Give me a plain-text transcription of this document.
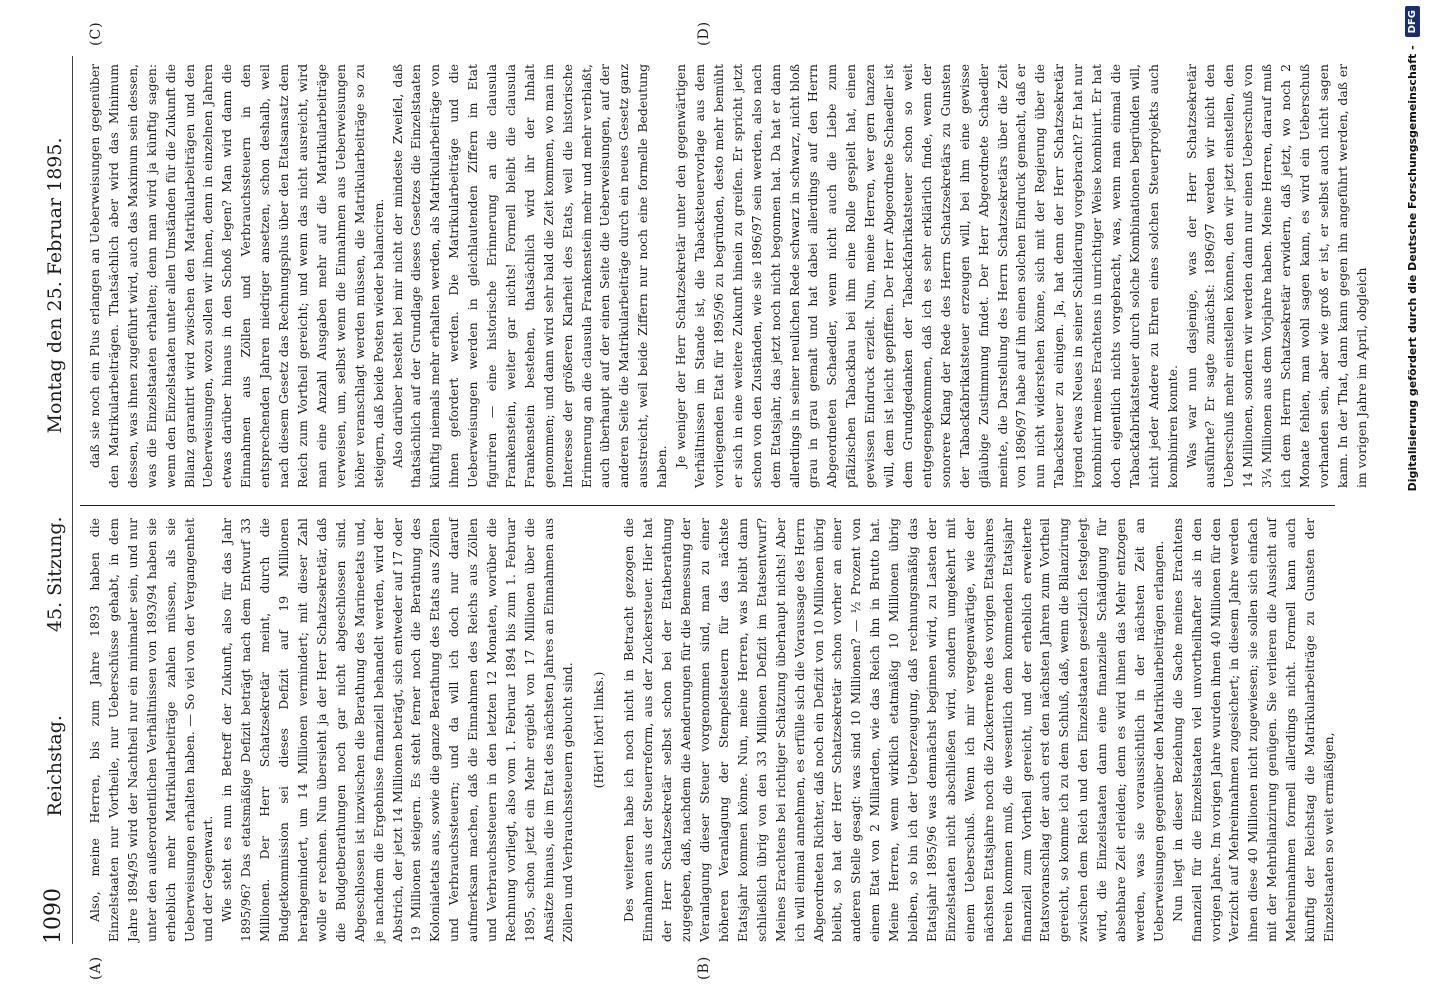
1090
Reichstag.
45. Sitzung.
Montag den 25. Februar 1895.
(A)	(B)
(C)	(D)

Also, meine Herren, bis zum Jahre 1893 haben die Einzelstaaten nur Vortheile, nur Ueberschüsse gehabt, in dem Jahre 1894/95 wird der Nachtheil nur ein minimaler sein, und nur unter den außerordentlichen Verhältnissen von 1893/94 haben sie erheblich mehr Matrikularbeiträge zahlen müssen, als sie Ueberweisungen erhalten haben. — So viel von der Vergangenheit und der Gegenwart. Wie steht es nun in Betreff der Zukunft, also für das Jahr 1895/96? Das etatsmäßige Defizit beträgt nach dem Entwurf 33 Millionen. Der Herr Schatzsekretär meint, durch die Budgetkommission sei dieses Defizit auf 19 Millionen herabgemindert, um 14 Millionen vermindert; mit dieser Zahl wolle er rechnen. Nun übersieht ja der Herr Schatzsekretär, daß die Budgetberathungen noch gar nicht abgeschlossen sind. Abgeschlossen ist inzwischen die Berathung des Marineetats und, je nachdem die Ergebnisse finanziell behandelt werden, wird der Abstrich, der jetzt 14 Millionen beträgt, sich entweder auf 17 oder 19 Millionen steigern. Es steht ferner noch die Berathung des Kolonialetats aus, sowie die ganze Berathung des Etats aus Zöllen und Verbrauchssteuern; und da will ich doch nur darauf aufmerksam machen, daß die Einnahmen des Reichs aus Zöllen und Verbrauchssteuern in den letzten 12 Monaten, worüber die Rechnung vorliegt, also vom 1. Februar 1894 bis zum 1. Februar 1895, schon jetzt ein Mehr ergiebt von 17 Millionen über die Ansätze hinaus, die im Etat des nächsten Jahres an Einnahmen aus Zöllen und Verbrauchssteuern gebucht sind. (Hört! hört! links.) Des weiteren habe ich noch nicht in Betracht gezogen die Einnahmen aus der Steuerreform, aus der Zuckersteuer. Hier hat der Herr Schatzsekretär selbst schon bei der Etatberathung zugegeben, daß, nachdem die Aenderungen für die Bemessung der Veranlagung dieser Steuer vorgenommen sind, man zu einer höheren Veranlagung der Stempelsteuern für das nächste Etatsjahr kommen könne. Nun, meine Herren, was bleibt dann schließlich übrig von den 33 Millionen Defizit im Etatsentwurf? Meines Erachtens bei richtiger Schätzung überhaupt nichts! Aber ich will einmal annehmen, es erfülle sich die Voraussage des Herrn Abgeordneten Richter, daß noch ein Defizit von 10 Millionen übrig bleibt, so hat der Herr Schatzsekretär schon vorher an einer anderen Stelle gesagt: was sind 10 Millionen? — ½ Prozent von einem Etat von 2 Milliarden, wie das Reich ihn in Brutto hat. Meine Herren, wenn wirklich etatmäßig 10 Millionen übrig bleiben, so bin ich der Ueberzeugung, daß rechnungsmäßig das Etatsjahr 1895/96 was demnächst beginnen wird, zu Lasten der Einzelstaaten nicht abschließen wird, sondern umgekehrt mit einem Ueberschuß. Wenn ich mir vergegenwärtige, wie der nächsten Etatsjahre noch die Zuckerrente des vorigen Etatsjahres herein kommen muß, die wesentlich dem kommenden Etatsjahr finanziell zum Vortheil gereicht, und der erheblich erweiterte Etatsvoranschlag der auch erst den nächsten Jahren zum Vortheil gereicht, so komme ich zu dem Schluß, daß, wenn die Bilanzirung zwischen dem Reich und den Einzelstaaten gesetzlich festgelegt wird, die Einzelstaaten dann eine finanzielle Schädigung für absehbare Zeit erleiden; denn es wird ihnen das Mehr entzogen werden, was sie voraussichtlich in der nächsten Zeit an Ueberweisungen gegenüber den Matrikularbeiträgen erlangen. Nun liegt in dieser Beziehung die Sache meines Erachtens finanziell für die Einzelstaaten viel unvortheilhafter als in den vorigen Jahre. Im vorigen Jahre wurden ihnen 40 Millionen für den Verzicht auf Mehreinnahmen zugesichert; in diesem Jahre werden ihnen diese 40 Millionen nicht zugewiesen; sie sollen sich einfach mit der Mehrbilanzirung genügen. Sie verlieren die Aussicht auf Mehreinnahmen formell allerdings nicht. Formell kann auch künftig der Reichstag die Matrikularbeiträge zu Gunsten der Einzelstaaten so weit ermäßigen,

daß sie noch ein Plus erlangen an Ueberweisungen gegenüber den Matrikularbeiträgen. Thatsächlich aber wird das Minimum dessen, was ihnen zugeführt wird, auch das Maximum sein dessen, was die Einzelstaaten erhalten; denn man wird ja künftig sagen: wenn den Einzelstaaten unter allen Umständen für die Zukunft die Bilanz garantirt wird zwischen den Matrikularbeiträgen und den Ueberweisungen, wozu sollen wir ihnen, denn in einzelnen Jahren etwas darüber hinaus in den Schoß legen? Man wird dann die Einnahmen aus Zöllen und Verbrauchssteuern in den entsprechenden Jahren niedriger ansetzen, schon deshalb, weil nach diesem Gesetz das Rechnungsplus über den Etatsansatz dem Reich zum Vortheil gereicht; und wenn das nicht ausreicht, wird man eine Anzahl Ausgaben mehr auf die Matrikularbeiträge verweisen, um, selbst wenn die Einnahmen aus Ueberweisungen höher veranschlagt werden müssen, die Matrikularbeiträge so zu steigern, daß beide Posten wieder balanciren. Also darüber besteht bei mir nicht der mindeste Zweifel, daß thatsächlich auf der Grundlage dieses Gesetzes die Einzelstaaten künftig niemals mehr erhalten werden, als Matrikularbeiträge von ihnen gefordert werden. Die Matrikularbeiträge und die Ueberweisungen werden in gleichlautenden Ziffern im Etat figuriren — eine historische Erinnerung an die clausula Frankenstein, weiter gar nichts! Formell bleibt die clausula Frankenstein bestehen, thatsächlich wird ihr der Inhalt genommen; und dann wird sehr bald die Zeit kommen, wo man im Interesse der größeren Klarheit des Etats, weil die historische Erinnerung an die clausula Frankenstein mehr und mehr verblaßt, auch überhaupt auf der einen Seite die Ueberweisungen, auf der anderen Seite die Matrikularbeiträge durch ein neues Gesetz ganz ausstreicht, weil beide Ziffern nur noch eine formelle Bedeutung haben. Je weniger der Herr Schatzsekretär unter den gegenwärtigen Verhältnissen im Stande ist, die Tabacksteuervorlage aus dem vorliegenden Etat für 1895/96 zu begründen, desto mehr bemüht er sich in eine weitere Zukunft hinein zu greifen. Er spricht jetzt schon von den Zuständen, wie sie 1896/97 sein werden, also nach dem Etatsjahr, das jetzt noch nicht begonnen hat. Da hat er dann allerdings in seiner neulichen Rede schwarz in schwarz, nicht bloß grau in grau gemalt und hat dabei allerdings auf den Herrn Abgeordneten Schaedler, wenn nicht auch die Liebe zum pfälzischen Tabackbau bei ihm eine Rolle gespielt hat, einen gewissen Eindruck erzielt. Nun, meine Herren, wer gern tanzen will, dem ist leicht gepfiffen. Der Herr Abgeordnete Schaedler ist dem Grundgedanken der Tabackfabrikatsteuer schon so weit entgegengekommen, daß ich es sehr erklärlich finde, wenn der sonorere Klang der Rede des Herrn Schatzsekretärs zu Gunsten der Tabackfabrikatsteuer erzeugen will, bei ihm eine gewisse gläubige Zustimmung findet. Der Herr Abgeordnete Schaedler meinte, die Darstellung des Herrn Schatzsekretärs über die Zeit von 1896/97 habe auf ihn einen solchen Eindruck gemacht, daß er nun nicht widerstehen könne, sich mit der Regierung über die Tabacksteuer zu einigen. Ja, hat denn der Herr Schatzsekretär irgend etwas Neues in seiner Schilderung vorgebracht? Er hat nur kombinirt meines Erachtens in unrichtiger Weise kombinirt. Er hat doch eigentlich nichts vorgebracht, was, wenn man einmal die Tabackfabrikatsteuer durch solche Kombinationen begründen will, nicht jeder Andere zu Ehren eines solchen Steuerprojekts auch kombiniren konnte. Was war nun dasjenige, was der Herr Schatzsekretär ausführte? Er sagte zunächst: 1896/97 werden wir nicht den Ueberschuß mehr einstellen können, den wir jetzt einstellen, den 14 Millionen, sondern wir werden dann nur einen Ueberschuß von 3¼ Millionen aus dem Vorjahre haben. Meine Herren, darauf muß ich dem Herrn Schatzsekretär erwidern, daß jetzt, wo noch 2 Monate fehlen, man wohl sagen kann, es wird ein Ueberschuß vorhanden sein, aber wie groß er ist, er selbst auch nicht sagen kann. In der That, dann kann gegen ihn angeführt werden, daß er im vorigen Jahre im April, obgleich	Digitalisierung gefördert durch die Deutsche Forschungsgemeinschaft -
DFG
